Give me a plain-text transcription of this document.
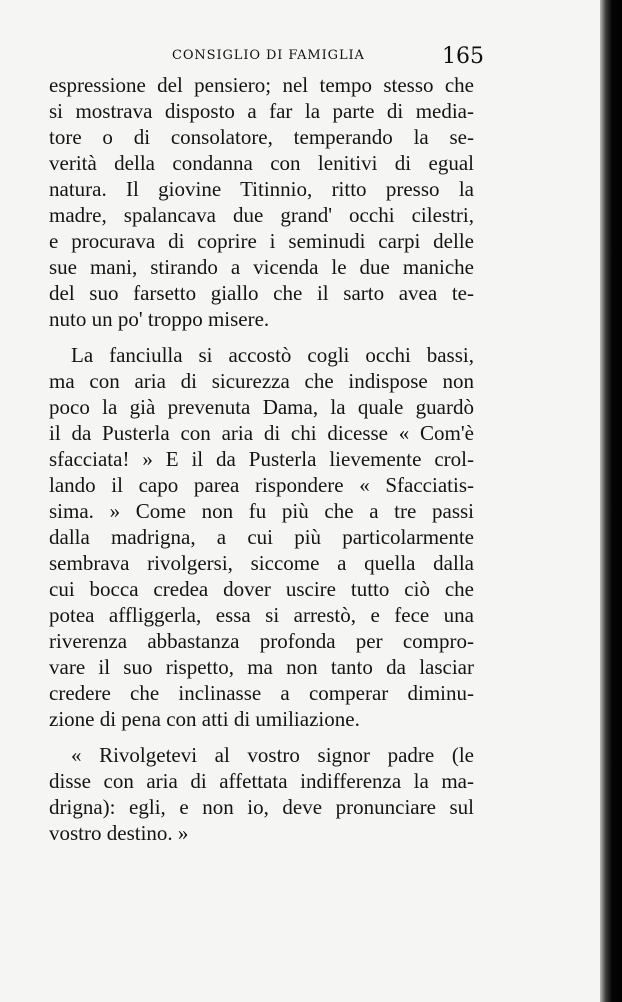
CONSIGLIO DI FAMIGLIA	165
espressione del pensiero; nel tempo stesso che
si mostrava disposto a far la parte di media-
tore o di consolatore, temperando la se-
verità della condanna con lenitivi di egual
natura. Il giovine Titinnio, ritto presso la
madre, spalancava due grand' occhi cilestri,
e procurava di coprire i seminudi carpi delle
sue mani, stirando a vicenda le due maniche
del suo farsetto giallo che il sarto avea te-
nuto un po' troppo misere.
La fanciulla si accostò cogli occhi bassi,
ma con aria di sicurezza che indispose non
poco la già prevenuta Dama, la quale guardò
il da Pusterla con aria di chi dicesse « Com'è
sfacciata! » E il da Pusterla lievemente crol-
lando il capo parea rispondere « Sfacciatis-
sima. » Come non fu più che a tre passi
dalla madrigna, a cui più particolarmente
sembrava rivolgersi, siccome a quella dalla
cui bocca credea dover uscire tutto ciò che
potea affliggerla, essa si arrestò, e fece una
riverenza abbastanza profonda per compro-
vare il suo rispetto, ma non tanto da lasciar
credere che inclinasse a comperar diminu-
zione di pena con atti di umiliazione.
« Rivolgetevi al vostro signor padre (le
disse con aria di affettata indifferenza la ma-
drigna): egli, e non io, deve pronunciare sul
vostro destino. »
